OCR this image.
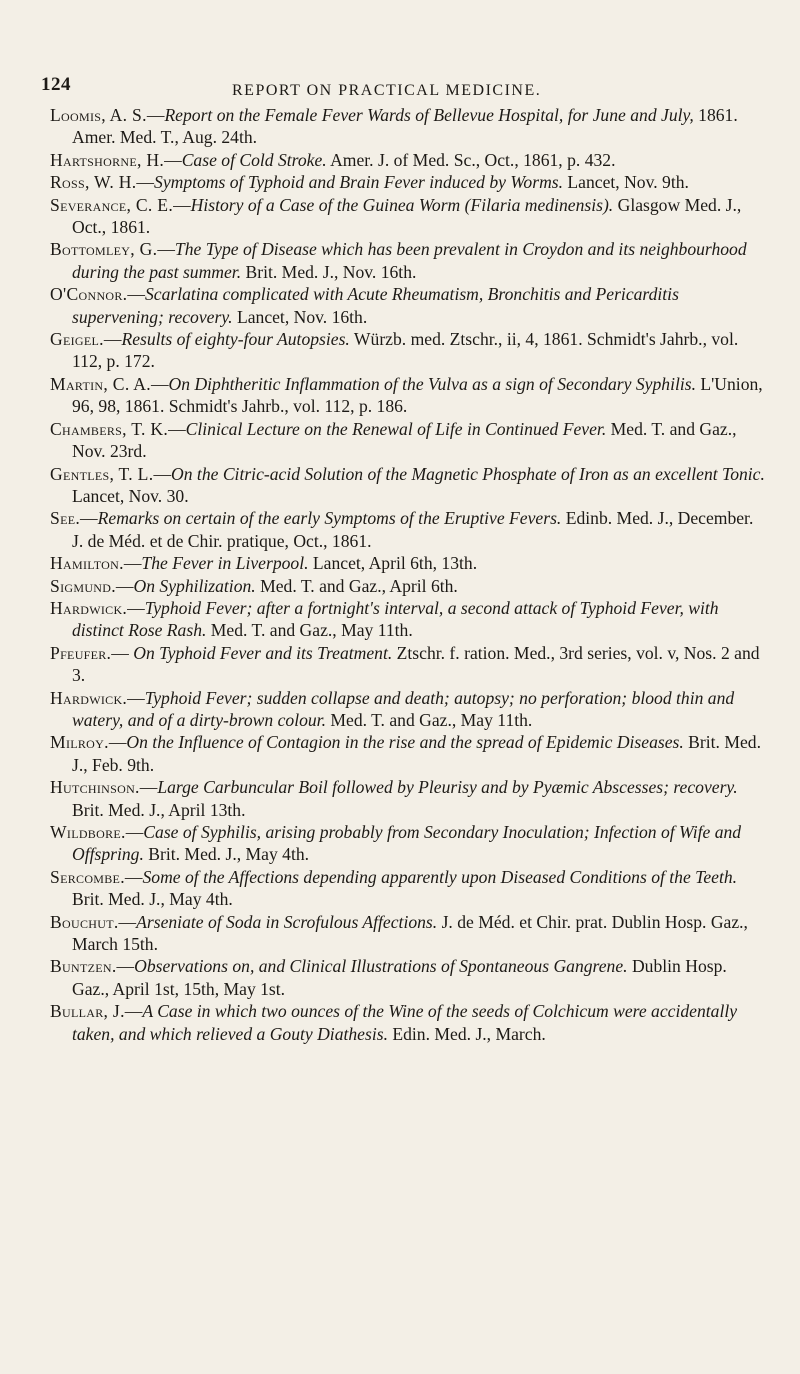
124	REPORT ON PRACTICAL MEDICINE.

Loomis, A. S.—Report on the Female Fever Wards of Bellevue Hospital, for June and July, 1861. Amer. Med. T., Aug. 24th.

Hartshorne, H.—Case of Cold Stroke. Amer. J. of Med. Sc., Oct., 1861, p. 432.

Ross, W. H.—Symptoms of Typhoid and Brain Fever induced by Worms. Lancet, Nov. 9th.

Severance, C. E.—History of a Case of the Guinea Worm (Filaria medinensis). Glasgow Med. J., Oct., 1861.

Bottomley, G.—The Type of Disease which has been prevalent in Croydon and its neighbourhood during the past summer. Brit. Med. J., Nov. 16th.

O'Connor.—Scarlatina complicated with Acute Rheumatism, Bronchitis and Pericarditis supervening; recovery. Lancet, Nov. 16th.

Geigel.—Results of eighty-four Autopsies. Würzb. med. Ztschr., ii, 4, 1861. Schmidt's Jahrb., vol. 112, p. 172.

Martin, C. A.—On Diphtheritic Inflammation of the Vulva as a sign of Secondary Syphilis. L'Union, 96, 98, 1861. Schmidt's Jahrb., vol. 112, p. 186.

Chambers, T. K.—Clinical Lecture on the Renewal of Life in Continued Fever. Med. T. and Gaz., Nov. 23rd.

Gentles, T. L.—On the Citric-acid Solution of the Magnetic Phosphate of Iron as an excellent Tonic. Lancet, Nov. 30.

See.—Remarks on certain of the early Symptoms of the Eruptive Fevers. Edinb. Med. J., December. J. de Méd. et de Chir. pratique, Oct., 1861.

Hamilton.—The Fever in Liverpool. Lancet, April 6th, 13th.

Sigmund.—On Syphilization. Med. T. and Gaz., April 6th.

Hardwick.—Typhoid Fever; after a fortnight's interval, a second attack of Typhoid Fever, with distinct Rose Rash. Med. T. and Gaz., May 11th.

Pfeufer.— On Typhoid Fever and its Treatment. Ztschr. f. ration. Med., 3rd series, vol. v, Nos. 2 and 3.

Hardwick.—Typhoid Fever; sudden collapse and death; autopsy; no perforation; blood thin and watery, and of a dirty-brown colour. Med. T. and Gaz., May 11th.

Milroy.—On the Influence of Contagion in the rise and the spread of Epidemic Diseases. Brit. Med. J., Feb. 9th.

Hutchinson.—Large Carbuncular Boil followed by Pleurisy and by Pyæmic Abscesses; recovery. Brit. Med. J., April 13th.

Wildbore.—Case of Syphilis, arising probably from Secondary Inoculation; Infection of Wife and Offspring. Brit. Med. J., May 4th.

Sercombe.—Some of the Affections depending apparently upon Diseased Conditions of the Teeth. Brit. Med. J., May 4th.

Bouchut.—Arseniate of Soda in Scrofulous Affections. J. de Méd. et Chir. prat. Dublin Hosp. Gaz., March 15th.

Buntzen.—Observations on, and Clinical Illustrations of Spontaneous Gangrene. Dublin Hosp. Gaz., April 1st, 15th, May 1st.

Bullar, J.—A Case in which two ounces of the Wine of the seeds of Colchicum were accidentally taken, and which relieved a Gouty Diathesis. Edin. Med. J., March.
